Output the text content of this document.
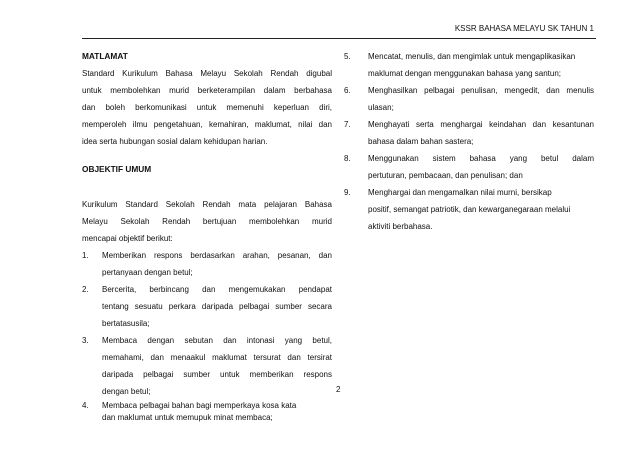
KSSR BAHASA MELAYU SK TAHUN 1
MATLAMAT
Standard Kurikulum Bahasa Melayu Sekolah Rendah digubal
untuk membolehkan murid berketerampilan dalam berbahasa
dan boleh berkomunikasi untuk memenuhi keperluan diri,
memperoleh ilmu pengetahuan, kemahiran, maklumat, nilai dan
idea serta hubungan sosial dalam kehidupan harian.
OBJEKTIF UMUM
Kurikulum Standard Sekolah Rendah mata pelajaran Bahasa
Melayu Sekolah Rendah bertujuan membolehkan murid
mencapai objektif berikut:
1.	Memberikan respons berdasarkan arahan, pesanan, dan
pertanyaan dengan betul;
2.	Bercerita, berbincang dan mengemukakan pendapat
tentang sesuatu perkara daripada pelbagai sumber secara
bertatasusila;
3.	Membaca dengan sebutan dan intonasi yang betul,
memahami, dan menaakul maklumat tersurat dan tersirat
daripada pelbagai sumber untuk memberikan respons
dengan betul;
4.	Membaca pelbagai bahan bagi memperkaya kosa kata
dan maklumat untuk memupuk minat membaca;
5.	Mencatat, menulis, dan mengimlak untuk mengaplikasikan
maklumat dengan menggunakan bahasa yang santun;
6.	Menghasilkan pelbagai penulisan, mengedit, dan menulis
ulasan;
7.	Menghayati serta menghargai keindahan dan kesantunan
bahasa dalam bahan sastera;
8.	Menggunakan sistem bahasa yang betul dalam
pertuturan, pembacaan, dan penulisan; dan
9.	Menghargai dan mengamalkan nilai murni, bersikap
positif, semangat patriotik, dan kewarganegaraan melalui
aktiviti berbahasa.
2
